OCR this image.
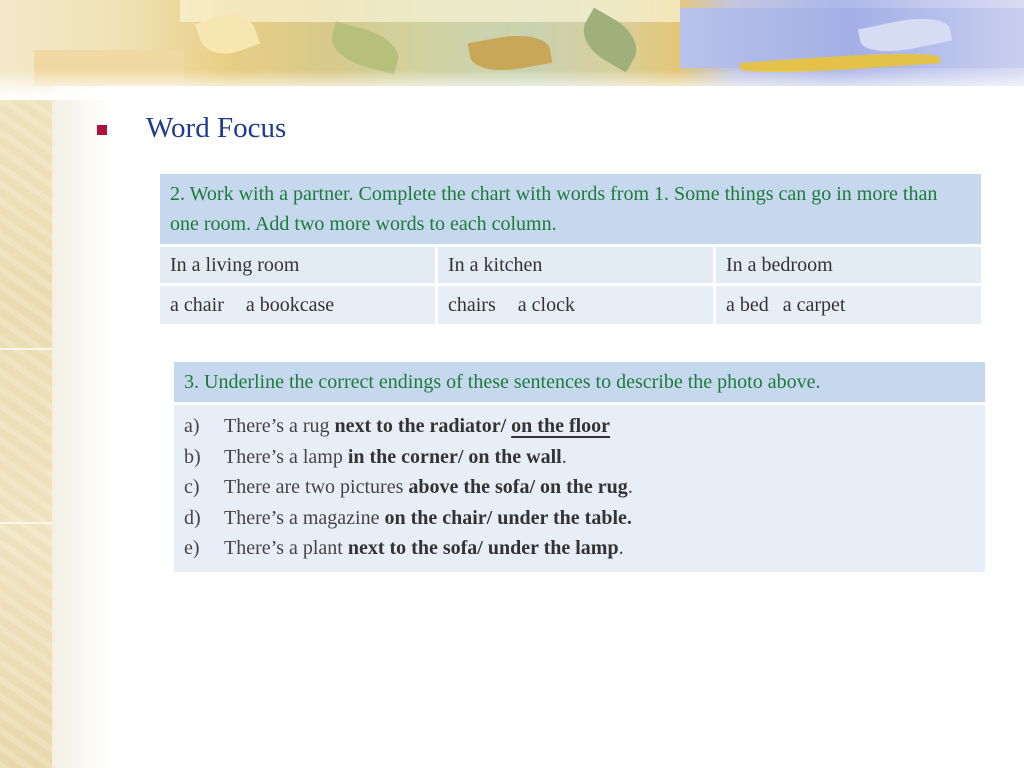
Word Focus
2. Work with a partner. Complete the chart with words from 1. Some things can go in more than one room. Add two more words to each column.		
In a living room	In a kitchen	In a bedroom
a chair a bookcase	chairs a clock	a bed a carpet
3. Underline the correct endings of these sentences to describe the photo above.

a)	There’s a rug next to the radiator/ on the floor
b)	There’s a lamp in the corner/ on the wall.
c)	There are two pictures above the sofa/ on the rug.
d)	There’s a magazine on the chair/ under the table.
e)	There’s a plant next to the sofa/ under the lamp.
